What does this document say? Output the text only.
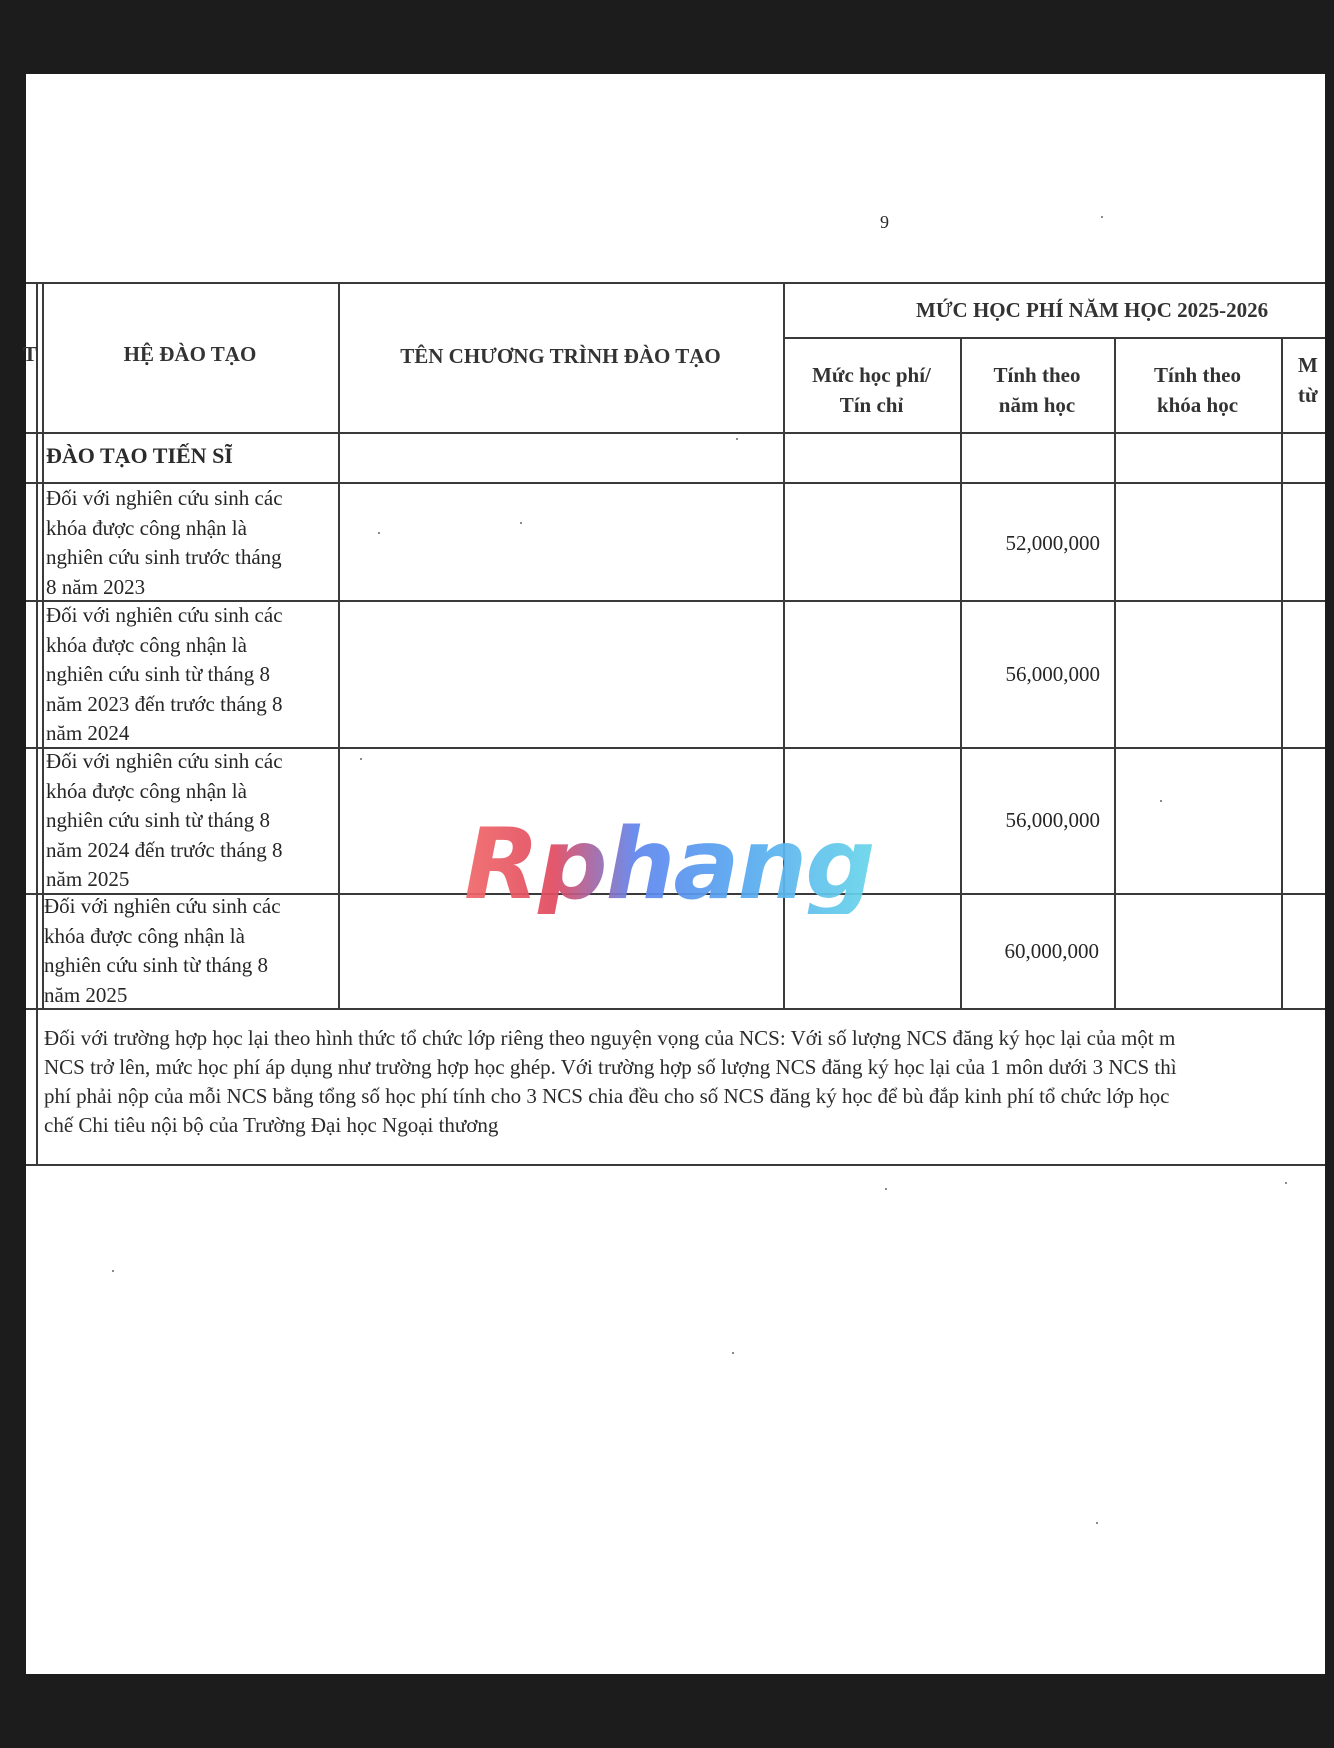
9
T	HỆ ĐÀO TẠO	TÊN CHƯƠNG TRÌNH ĐÀO TẠO
MỨC HỌC PHÍ NĂM HỌC 2025-2026
Mức học phí/
Tín chỉ
Tính theo
năm học
Tính theo
khóa học
M
từ
ĐÀO TẠO TIẾN SĨ
Đối với nghiên cứu sinh các
khóa được công nhận là
nghiên cứu sinh trước tháng
8 năm 2023
52,000,000
Đối với nghiên cứu sinh các
khóa được công nhận là
nghiên cứu sinh từ tháng 8
năm 2023 đến trước tháng 8
năm 2024
56,000,000
Đối với nghiên cứu sinh các
khóa được công nhận là
nghiên cứu sinh từ tháng 8
năm 2024 đến trước tháng 8
năm 2025
56,000,000
Đối với nghiên cứu sinh các
khóa được công nhận là
nghiên cứu sinh từ tháng 8
năm 2025
60,000,000
Đối với trường hợp học lại theo hình thức tổ chức lớp riêng theo nguyện vọng của NCS: Với số lượng NCS đăng ký học lại của một m
NCS trở lên, mức học phí áp dụng như trường hợp học ghép. Với trường hợp số lượng NCS đăng ký học lại của 1 môn dưới 3 NCS thì
phí phải nộp của mỗi NCS bằng tổng số học phí tính cho 3 NCS chia đều cho số NCS đăng ký học để bù đắp kinh phí tổ chức lớp học
chế Chi tiêu nội bộ của Trường Đại học Ngoại thương
Rphang
